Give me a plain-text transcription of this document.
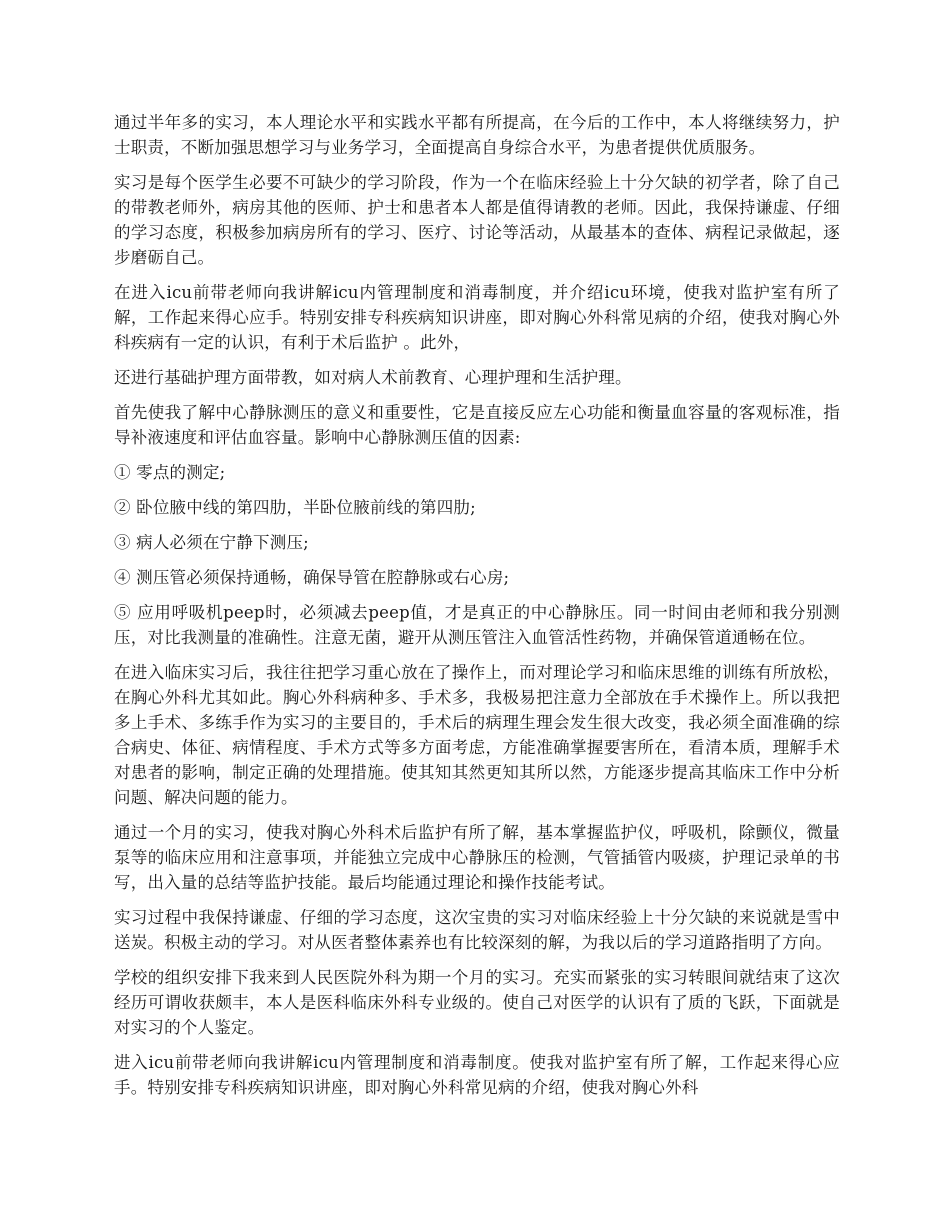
通过半年多的实习，本人理论水平和实践水平都有所提高，在今后的工作中，本人将继续努力，护士职责，不断加强思想学习与业务学习，全面提高自身综合水平，为患者提供优质服务。

实习是每个医学生必要不可缺少的学习阶段，作为一个在临床经验上十分欠缺的初学者，除了自己的带教老师外，病房其他的医师、护士和患者本人都是值得请教的老师。因此，我保持谦虚、仔细的学习态度，积极参加病房所有的学习、医疗、讨论等活动，从最基本的查体、病程记录做起，逐步磨砺自己。

在进入icu前带老师向我讲解icu内管理制度和消毒制度，并介绍icu环境，使我对监护室有所了解，工作起来得心应手。特别安排专科疾病知识讲座，即对胸心外科常见病的介绍，使我对胸心外科疾病有一定的认识，有利于术后监护 。此外，

还进行基础护理方面带教，如对病人术前教育、心理护理和生活护理。

首先使我了解中心静脉测压的意义和重要性，它是直接反应左心功能和衡量血容量的客观标准，指导补液速度和评估血容量。影响中心静脉测压值的因素:

① 零点的测定;

② 卧位腋中线的第四肋，半卧位腋前线的第四肋;

③ 病人必须在宁静下测压;

④ 测压管必须保持通畅，确保导管在腔静脉或右心房;

⑤ 应用呼吸机peep时，必须减去peep值，才是真正的中心静脉压。同一时间由老师和我分别测压，对比我测量的准确性。注意无菌，避开从测压管注入血管活性药物，并确保管道通畅在位。

在进入临床实习后，我往往把学习重心放在了操作上，而对理论学习和临床思维的训练有所放松，在胸心外科尤其如此。胸心外科病种多、手术多，我极易把注意力全部放在手术操作上。所以我把多上手术、多练手作为实习的主要目的，手术后的病理生理会发生很大改变，我必须全面准确的综合病史、体征、病情程度、手术方式等多方面考虑，方能准确掌握要害所在，看清本质，理解手术对患者的影响，制定正确的处理措施。使其知其然更知其所以然，方能逐步提高其临床工作中分析问题、解决问题的能力。

通过一个月的实习，使我对胸心外科术后监护有所了解，基本掌握监护仪，呼吸机，除颤仪，微量泵等的临床应用和注意事项，并能独立完成中心静脉压的检测，气管插管内吸痰，护理记录单的书写，出入量的总结等监护技能。最后均能通过理论和操作技能考试。

实习过程中我保持谦虚、仔细的学习态度，这次宝贵的实习对临床经验上十分欠缺的来说就是雪中送炭。积极主动的学习。对从医者整体素养也有比较深刻的解，为我以后的学习道路指明了方向。

学校的组织安排下我来到人民医院外科为期一个月的实习。充实而紧张的实习转眼间就结束了这次经历可谓收获颇丰，本人是医科临床外科专业级的。使自己对医学的认识有了质的飞跃，下面就是对实习的个人鉴定。

进入icu前带老师向我讲解icu内管理制度和消毒制度。使我对监护室有所了解，工作起来得心应手。特别安排专科疾病知识讲座，即对胸心外科常见病的介绍，使我对胸心外科
